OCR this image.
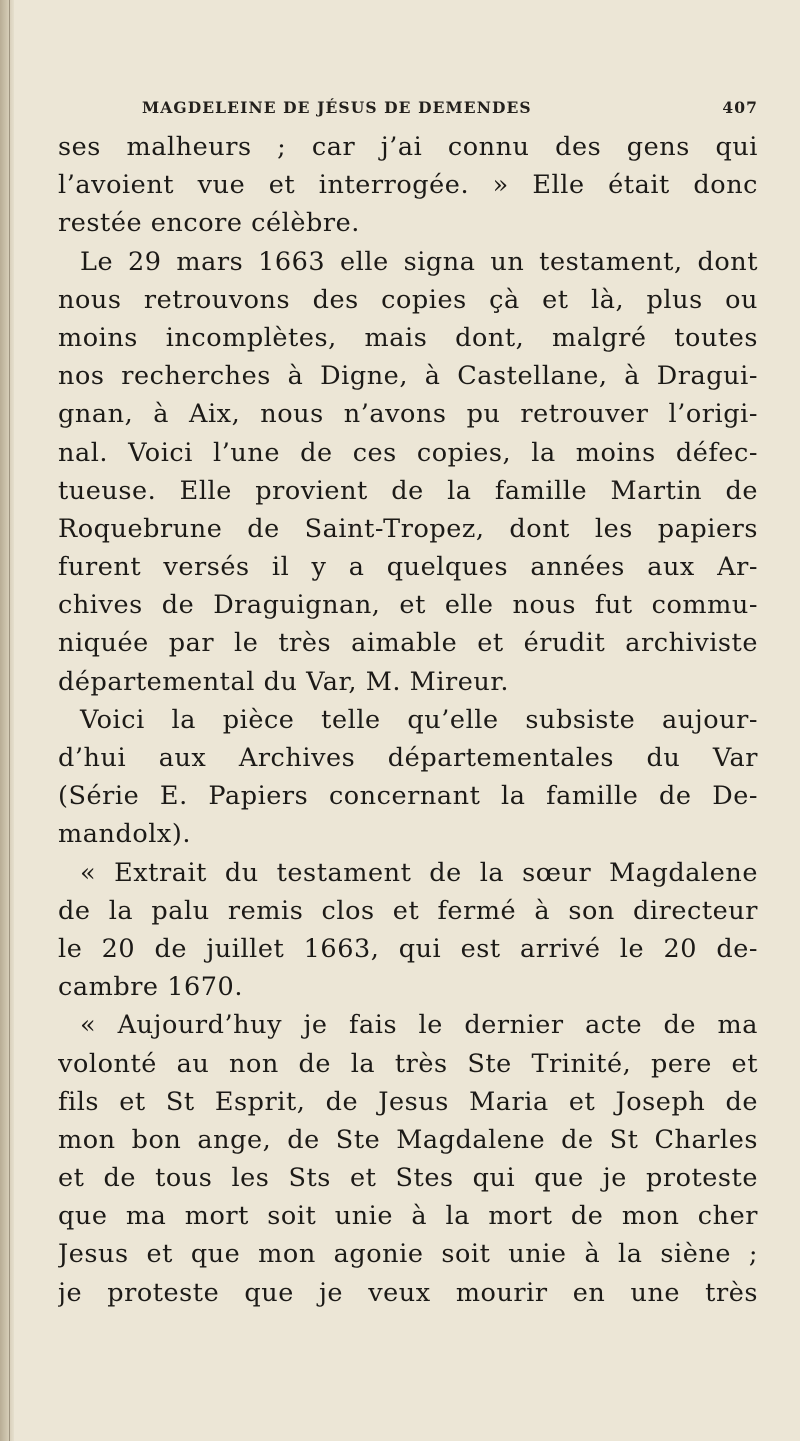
MAGDELEINE DE JÉSUS DE DEMENDES	407
ses malheurs ; car j’ai connu des gens qui
l’avoient vue et interrogée. » Elle était donc
restée encore célèbre.
Le 29 mars 1663 elle signa un testament, dont
nous retrouvons des copies çà et là, plus ou
moins incomplètes, mais dont, malgré toutes
nos recherches à Digne, à Castellane, à Dragui-
gnan, à Aix, nous n’avons pu retrouver l’origi-
nal. Voici l’une de ces copies, la moins défec-
tueuse. Elle provient de la famille Martin de
Roquebrune de Saint-Tropez, dont les papiers
furent versés il y a quelques années aux Ar-
chives de Draguignan, et elle nous fut commu-
niquée par le très aimable et érudit archiviste
départemental du Var, M. Mireur.
Voici la pièce telle qu’elle subsiste aujour-
d’hui aux Archives départementales du Var
(Série E. Papiers concernant la famille de De-
mandolx).
« Extrait du testament de la sœur Magdalene
de la palu remis clos et fermé à son directeur
le 20 de juillet 1663, qui est arrivé le 20 de-
cambre 1670.
« Aujourd’huy je fais le dernier acte de ma
volonté au non de la très Ste Trinité, pere et
fils et St Esprit, de Jesus Maria et Joseph de
mon bon ange, de Ste Magdalene de St Charles
et de tous les Sts et Stes qui que je proteste
que ma mort soit unie à la mort de mon cher
Jesus et que mon agonie soit unie à la siène ;
je proteste que je veux mourir en une très
